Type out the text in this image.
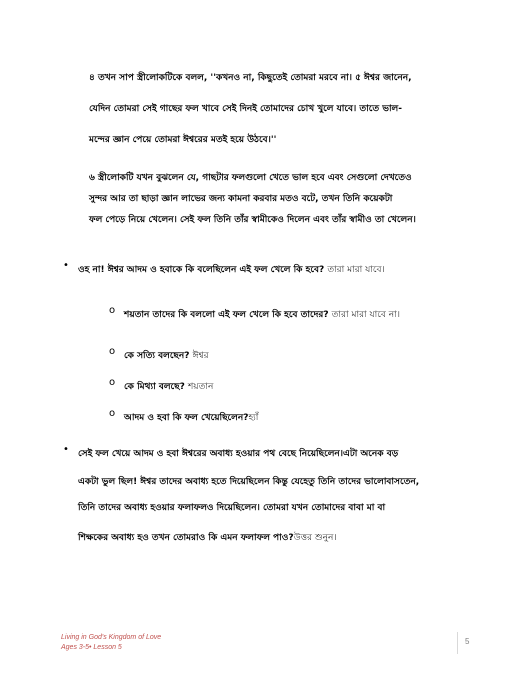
৪ তখন সাপ স্ত্রীলোকটিকে বলল, ''কখনও না, কিছুতেই তোমরা মরবে না। ৫ ঈশ্বর জানেন,
যেদিন তোমরা সেই গাছের ফল খাবে সেই দিনই তোমাদের চোখ খুলে যাবে। তাতে ভাল-
মন্দের জ্ঞান পেয়ে তোমরা ঈশ্বরের মতই হয়ে উঠবে।''
৬ স্ত্রীলোকটি যখন বুঝলেন যে, গাছটার ফলগুলো খেতে ভাল হবে এবং সেগুলো দেখতেও
সুন্দর আর তা ছাড়া জ্ঞান লাভের জন্য কামনা করবার মতও বটে, তখন তিনি কয়েকটা
ফল পেড়ে নিয়ে খেলেন। সেই ফল তিনি তাঁর স্বামীকেও দিলেন এবং তাঁর স্বামীও তা খেলেন।
• ওহ না! ঈশ্বর আদম ও হবাকে কি বলেছিলেন এই ফল খেলে কি হবে? তারা মারা যাবে।
o শয়তান তাদের কি বললো এই ফল খেলে কি হবে তাদের? তারা মারা যাবে না।
o কে সত্যি বলছেন? ঈশ্বর
o কে মিথ্যা বলছে? শয়তান
o আদম ও হবা কি ফল খেয়েছিলেন?হ্যাঁ
• সেই ফল খেয়ে আদম ও হবা ঈশ্বরের অবাধ্য হওয়ার পথ বেছে নিয়েছিলেন।এটা অনেক বড়
একটা ভুল ছিল! ঈশ্বর তাদের অবাধ্য হতে দিয়েছিলেন কিন্তু যেহেতু তিনি তাদের ভালোবাসতেন,
তিনি তাদের অবাধ্য হওয়ার ফলাফলও দিয়েছিলেন। তোমরা যখন তোমাদের বাবা মা বা
শিক্ষকের অবাধ্য হও তখন তোমরাও কি এমন ফলাফল পাও?উত্তর শুনুন।
Living in God's Kingdom of Love
Ages 3-5• Lesson 5
5
